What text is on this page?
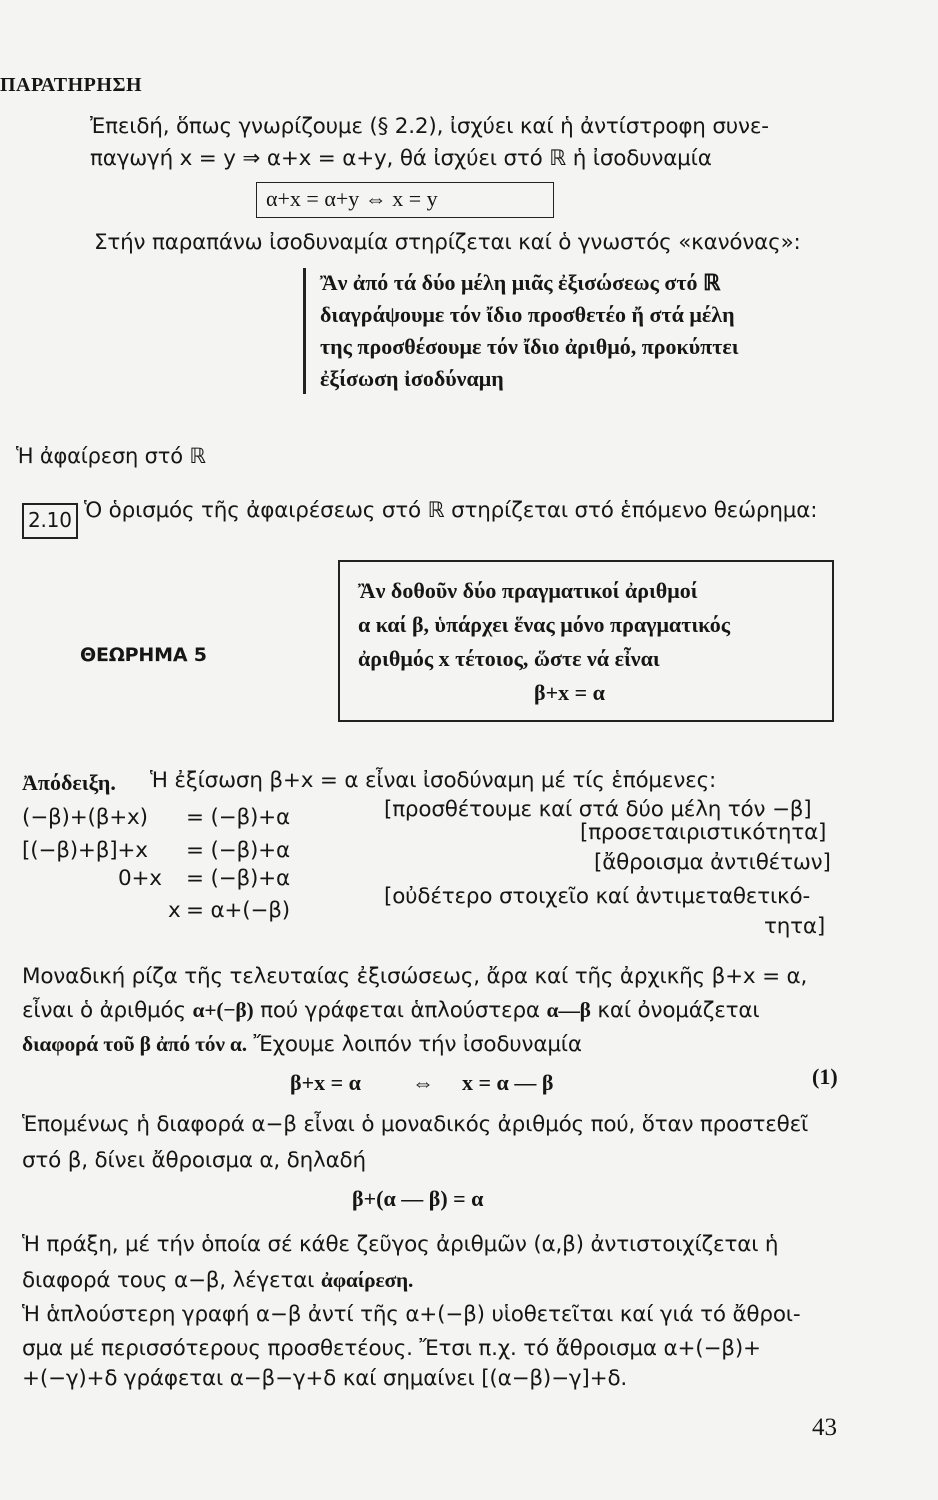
ΠΑΡΑΤΗΡΗΣΗ
Ἐπειδή, ὅπως γνωρίζουμε (§ 2.2), ἰσχύει καί ἡ ἀντίστροφη συνε-
παγωγή x = y ⇒ α+x = α+y, θά ἰσχύει στό ℝ ἡ ἰσοδυναμία
α+x = α+y ⇔ x = y
Στήν παραπάνω ἰσοδυναμία στηρίζεται καί ὁ γνωστός «κανόνας»:
Ἂν ἀπό τά δύο μέλη μιᾶς ἐξισώσεως στό ℝ
διαγράψουμε τόν ἴδιο προσθετέο ἤ στά μέλη
της προσθέσουμε τόν ἴδιο ἀριθμό, προκύπτει
ἐξίσωση ἰσοδύναμη
Ἡ ἀφαίρεση στό ℝ
2.10 Ὁ ὁρισμός τῆς ἀφαιρέσεως στό ℝ στηρίζεται στό ἑπόμενο θεώρημα:
ΘΕΩΡΗΜΑ 5
Ἂν δοθοῦν δύο πραγματικοί ἀριθμοί
α καί β, ὑπάρχει ἕνας μόνο πραγματικός
ἀριθμός x τέτοιος, ὥστε νά εἶναι
β+x = α
Ἀπόδειξη. Ἡ ἐξίσωση β+x = α εἶναι ἰσοδύναμη μέ τίς ἑπόμενες:
(−β)+(β+x) = (−β)+α	[προσθέτουμε καί στά δύο μέλη τόν −β]
[(−β)+β]+x = (−β)+α
[προσεταιριστικότητα]
0+x = (−β)+α
[ἄθροισμα ἀντιθέτων]
x = α+(−β)
[οὐδέτερο στοιχεῖο καί ἀντιμεταθετικό-
τητα]
Μοναδική ρίζα τῆς τελευταίας ἐξισώσεως, ἄρα καί τῆς ἀρχικῆς β+x = α,
εἶναι ὁ ἀριθμός α+(−β) πού γράφεται ἁπλούστερα α—β καί ὀνομάζεται
διαφορά τοῦ β ἀπό τόν α. Ἔχουμε λοιπόν τήν ἰσοδυναμία
β+x = α ⇔ x = α — β	(1)
Ἑπομένως ἡ διαφορά α−β εἶναι ὁ μοναδικός ἀριθμός πού, ὅταν προστεθεῖ
στό β, δίνει ἄθροισμα α, δηλαδή
β+(α — β) = α
Ἡ πράξη, μέ τήν ὁποία σέ κάθε ζεῦγος ἀριθμῶν (α,β) ἀντιστοιχίζεται ἡ
διαφορά τους α−β, λέγεται ἀφαίρεση.
Ἡ ἁπλούστερη γραφή α−β ἀντί τῆς α+(−β) υἱοθετεῖται καί γιά τό ἄθροι-
σμα μέ περισσότερους προσθετέους. Ἔτσι π.χ. τό ἄθροισμα α+(−β)+
+(−γ)+δ γράφεται α−β−γ+δ καί σημαίνει [(α−β)−γ]+δ.
43
